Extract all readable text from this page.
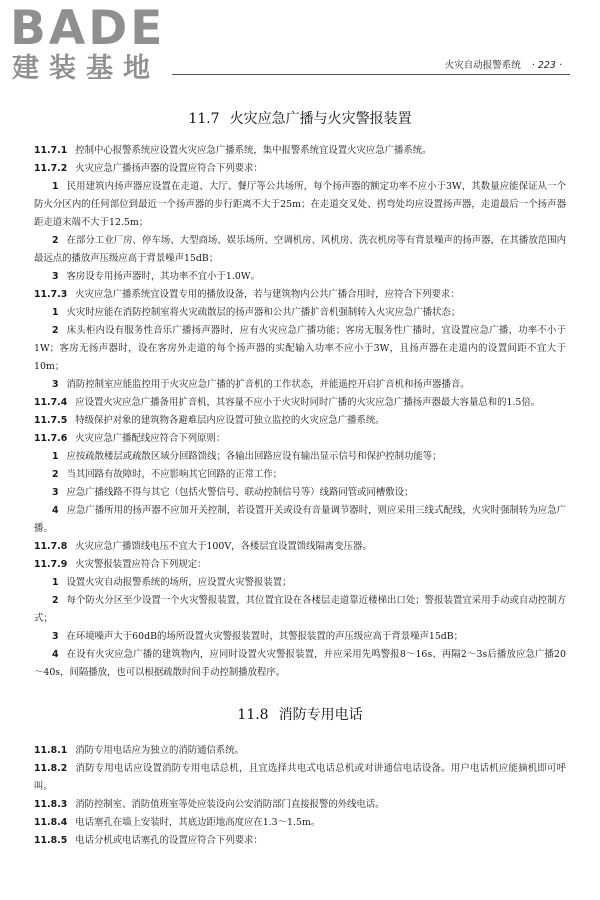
BADE
建装基地	火灾自动报警系统 · 223 ·
11.7 火灾应急广播与火灾警报装置

11.7.1 控制中心报警系统应设置火灾应急广播系统，集中报警系统宜设置火灾应急广播系统。

11.7.2 火灾应急广播扬声器的设置应符合下列要求：

1 民用建筑内扬声器应设置在走道、大厅、餐厅等公共场所，每个扬声器的额定功率不应小于3W，其数量应能保证从一个防火分区内的任何部位到最近一个扬声器的步行距离不大于25m；在走道交叉处、拐弯处均应设置扬声器，走道最后一个扬声器距走道末端不大于12.5m；

2 在部分工业厂房、停车场、大型商场、娱乐场所、空调机房、风机房、洗衣机房等有背景噪声的扬声器，在其播放范围内最远点的播放声压级应高于背景噪声15dB；

3 客房设专用扬声器时，其功率不宜小于1.0W。

11.7.3 火灾应急广播系统宜设置专用的播放设备，若与建筑物内公共广播合用时，应符合下列要求：

1 火灾时应能在消防控制室将火灾疏散层的扬声器和公共广播扩音机强制转入火灾应急广播状态；

2 床头柜内设有服务性音乐广播扬声器时，应有火灾应急广播功能；客房无服务性广播时，宜设置应急广播，功率不小于1W；客房无扬声器时，设在客房外走道的每个扬声器的实配输入功率不应小于3W，且扬声器在走道内的设置间距不宜大于10m；

3 消防控制室应能监控用于火灾应急广播的扩音机的工作状态，并能遥控开启扩音机和扬声器播音。

11.7.4 应设置火灾应急广播备用扩音机，其容量不应小于火灾时同时广播的火灾应急广播扬声器最大容量总和的1.5倍。

11.7.5 特级保护对象的建筑物各避难层内应设置可独立监控的火灾应急广播系统。

11.7.6 火灾应急广播配线应符合下列原则：

1 应按疏散楼层或疏散区域分回路馈线；各输出回路应设有输出显示信号和保护控制功能等；

2 当其回路有故障时，不应影响其它回路的正常工作；

3 应急广播线路不得与其它（包括火警信号、联动控制信号等）线路同管或同槽敷设；

4 应急广播所用的扬声器不应加开关控制，若设置开关或设有音量调节器时，则应采用三线式配线，火灾时强制转为应急广播。

11.7.8 火灾应急广播馈线电压不宜大于100V，各楼层宜设置馈线隔离变压器。

11.7.9 火灾警报装置应符合下列规定：

1 设置火灾自动报警系统的场所，应设置火灾警报装置；

2 每个防火分区至少设置一个火灾警报装置，其位置宜设在各楼层走道靠近楼梯出口处；警报装置宜采用手动或自动控制方式；

3 在环境噪声大于60dB的场所设置火灾警报装置时，其警报装置的声压级应高于背景噪声15dB；

4 在设有火灾应急广播的建筑物内，应同时设置火灾警报装置，并应采用先鸣警报8～16s、再隔2～3s后播放应急广播20～40s，间隔播放，也可以根据疏散时间手动控制播放程序。

11.8 消防专用电话

11.8.1 消防专用电话应为独立的消防通信系统。

11.8.2 消防专用电话应设置消防专用电话总机，且宜选择共电式电话总机或对讲通信电话设备。用户电话机应能摘机即可呼叫。

11.8.3 消防控制室、消防值班室等处应装设向公安消防部门直接报警的外线电话。

11.8.4 电话塞孔在墙上安装时，其底边距地高度应在1.3～1.5m。

11.8.5 电话分机或电话塞孔的设置应符合下列要求：
